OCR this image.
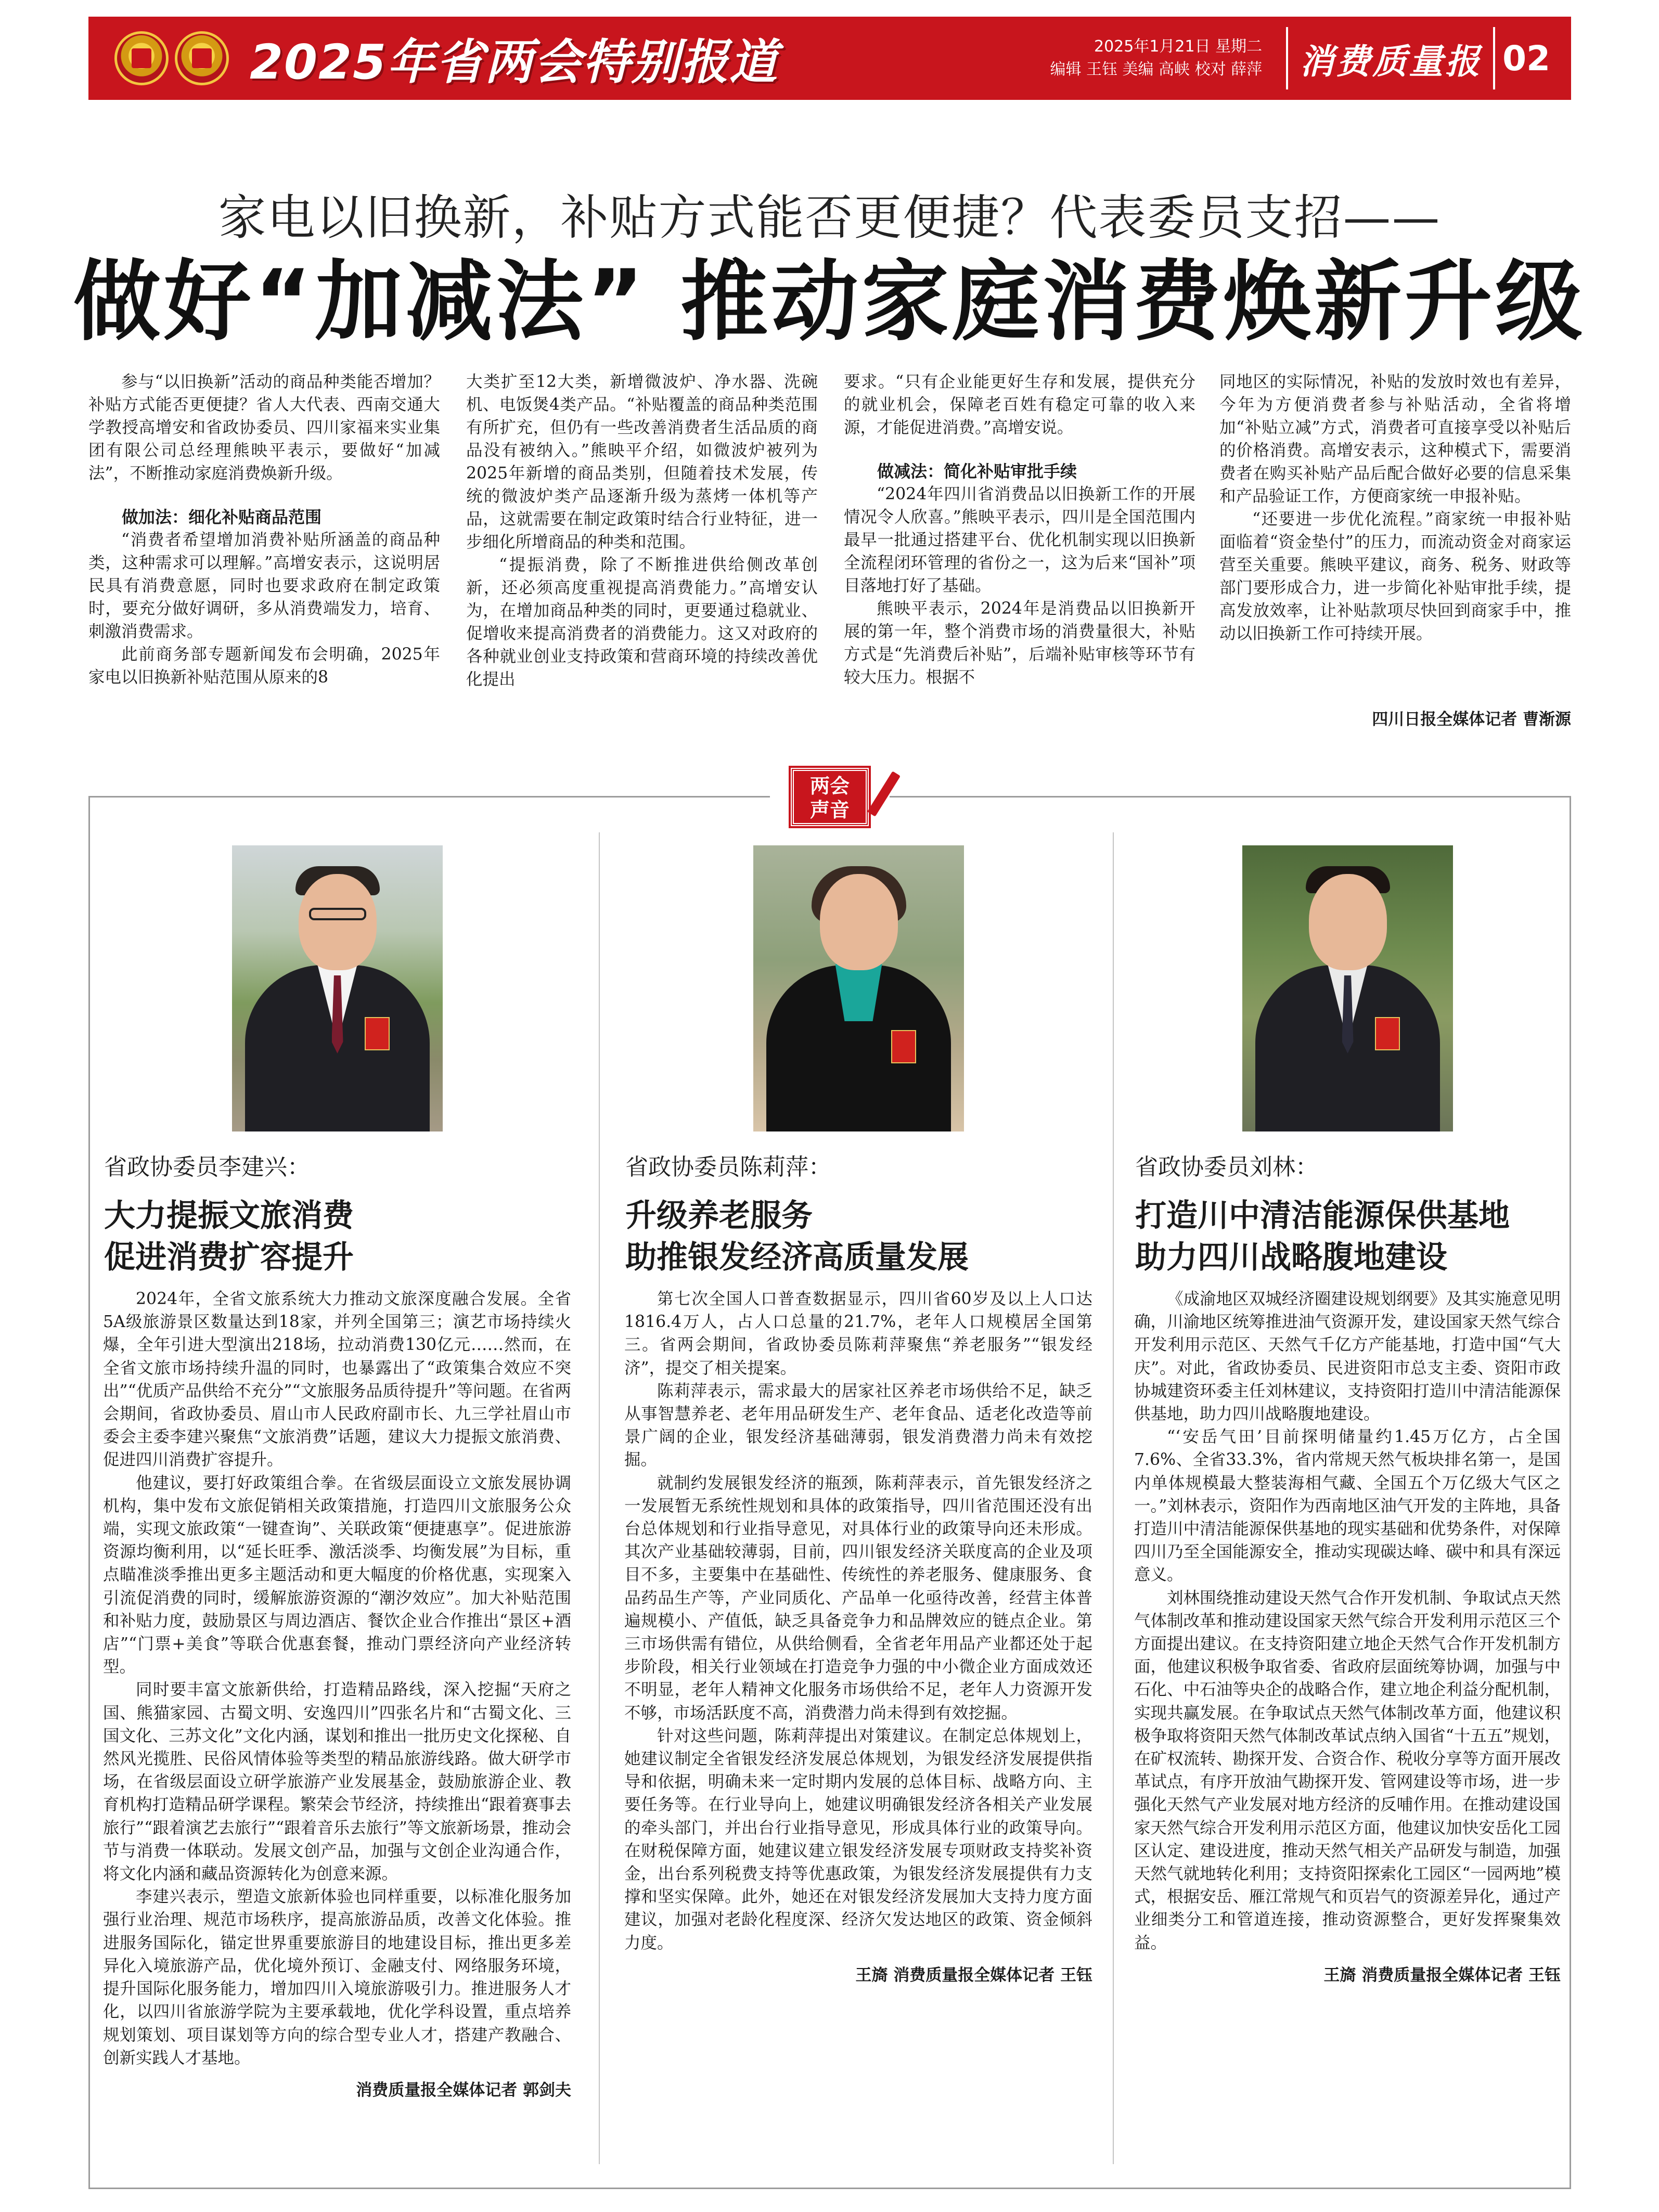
2025年省两会特别报道	2025年1月21日 星期二
编辑 王钰 美编 高峡 校对 薛萍 消费质量报 02
家电以旧换新，补贴方式能否更便捷？代表委员支招——
做好“加减法” 推动家庭消费焕新升级

参与“以旧换新”活动的商品种类能否增加？补贴方式能否更便捷？省人大代表、西南交通大学教授高增安和省政协委员、四川家福来实业集团有限公司总经理熊映平表示，要做好“加减法”，不断推动家庭消费焕新升级。

做加法：细化补贴商品范围

“消费者希望增加消费补贴所涵盖的商品种类，这种需求可以理解。”高增安表示，这说明居民具有消费意愿，同时也要求政府在制定政策时，要充分做好调研，多从消费端发力，培育、刺激消费需求。

此前商务部专题新闻发布会明确，2025年家电以旧换新补贴范围从原来的8

大类扩至12大类，新增微波炉、净水器、洗碗机、电饭煲4类产品。“补贴覆盖的商品种类范围有所扩充，但仍有一些改善消费者生活品质的商品没有被纳入。”熊映平介绍，如微波炉被列为2025年新增的商品类别，但随着技术发展，传统的微波炉类产品逐渐升级为蒸烤一体机等产品，这就需要在制定政策时结合行业特征，进一步细化所增商品的种类和范围。

“提振消费，除了不断推进供给侧改革创新，还必须高度重视提高消费能力。”高增安认为，在增加商品种类的同时，更要通过稳就业、促增收来提高消费者的消费能力。这又对政府的各种就业创业支持政策和营商环境的持续改善优化提出

要求。“只有企业能更好生存和发展，提供充分的就业机会，保障老百姓有稳定可靠的收入来源，才能促进消费。”高增安说。

做减法：简化补贴审批手续

“2024年四川省消费品以旧换新工作的开展情况令人欣喜。”熊映平表示，四川是全国范围内最早一批通过搭建平台、优化机制实现以旧换新全流程闭环管理的省份之一，这为后来“国补”项目落地打好了基础。

熊映平表示，2024年是消费品以旧换新开展的第一年，整个消费市场的消费量很大，补贴方式是“先消费后补贴”，后端补贴审核等环节有较大压力。根据不

同地区的实际情况，补贴的发放时效也有差异，今年为方便消费者参与补贴活动，全省将增加“补贴立减”方式，消费者可直接享受以补贴后的价格消费。高增安表示，这种模式下，需要消费者在购买补贴产品后配合做好必要的信息采集和产品验证工作，方便商家统一申报补贴。

“还要进一步优化流程。”商家统一申报补贴面临着“资金垫付”的压力，而流动资金对商家运营至关重要。熊映平建议，商务、税务、财政等部门要形成合力，进一步简化补贴审批手续，提高发放效率，让补贴款项尽快回到商家手中，推动以旧换新工作可持续开展。

四川日报全媒体记者 曹渐源
两会
声音
省政协委员李建兴：
大力提振文旅消费
促进消费扩容提升

2024年，全省文旅系统大力推动文旅深度融合发展。全省5A级旅游景区数量达到18家，并列全国第三；演艺市场持续火爆，全年引进大型演出218场，拉动消费130亿元……然而，在全省文旅市场持续升温的同时，也暴露出了“政策集合效应不突出”“优质产品供给不充分”“文旅服务品质待提升”等问题。在省两会期间，省政协委员、眉山市人民政府副市长、九三学社眉山市委会主委李建兴聚焦“文旅消费”话题，建议大力提振文旅消费、促进四川消费扩容提升。

他建议，要打好政策组合拳。在省级层面设立文旅发展协调机构，集中发布文旅促销相关政策措施，打造四川文旅服务公众端，实现文旅政策“一键查询”、关联政策“便捷惠享”。促进旅游资源均衡利用，以“延长旺季、激活淡季、均衡发展”为目标，重点瞄准淡季推出更多主题活动和更大幅度的价格优惠，实现案入引流促消费的同时，缓解旅游资源的“潮汐效应”。加大补贴范围和补贴力度，鼓励景区与周边酒店、餐饮企业合作推出“景区+酒店”“门票+美食”等联合优惠套餐，推动门票经济向产业经济转型。

同时要丰富文旅新供给，打造精品路线，深入挖掘“天府之国、熊猫家园、古蜀文明、安逸四川”四张名片和“古蜀文化、三国文化、三苏文化”文化内涵，谋划和推出一批历史文化探秘、自然风光揽胜、民俗风情体验等类型的精品旅游线路。做大研学市场，在省级层面设立研学旅游产业发展基金，鼓励旅游企业、教育机构打造精品研学课程。繁荣会节经济，持续推出“跟着赛事去旅行”“跟着演艺去旅行”“跟着音乐去旅行”等文旅新场景，推动会节与消费一体联动。发展文创产品，加强与文创企业沟通合作，将文化内涵和藏品资源转化为创意来源。

李建兴表示，塑造文旅新体验也同样重要，以标准化服务加强行业治理、规范市场秩序，提高旅游品质，改善文化体验。推进服务国际化，锚定世界重要旅游目的地建设目标，推出更多差异化入境旅游产品，优化境外预订、金融支付、网络服务环境，提升国际化服务能力，增加四川入境旅游吸引力。推进服务人才化，以四川省旅游学院为主要承载地，优化学科设置，重点培养规划策划、项目谋划等方向的综合型专业人才，搭建产教融合、创新实践人才基地。

消费质量报全媒体记者 郭剑夫
省政协委员陈莉萍：
升级养老服务
助推银发经济高质量发展

第七次全国人口普查数据显示，四川省60岁及以上人口达1816.4万人，占人口总量的21.7%，老年人口规模居全国第三。省两会期间，省政协委员陈莉萍聚焦“养老服务”“银发经济”，提交了相关提案。

陈莉萍表示，需求最大的居家社区养老市场供给不足，缺乏从事智慧养老、老年用品研发生产、老年食品、适老化改造等前景广阔的企业，银发经济基础薄弱，银发消费潜力尚未有效挖掘。

就制约发展银发经济的瓶颈，陈莉萍表示，首先银发经济之一发展暂无系统性规划和具体的政策指导，四川省范围还没有出台总体规划和行业指导意见，对具体行业的政策导向还未形成。其次产业基础较薄弱，目前，四川银发经济关联度高的企业及项目不多，主要集中在基础性、传统性的养老服务、健康服务、食品药品生产等，产业同质化、产品单一化亟待改善，经营主体普遍规模小、产值低，缺乏具备竞争力和品牌效应的链点企业。第三市场供需有错位，从供给侧看，全省老年用品产业都还处于起步阶段，相关行业领域在打造竞争力强的中小微企业方面成效还不明显，老年人精神文化服务市场供给不足，老年人力资源开发不够，市场活跃度不高，消费潜力尚未得到有效挖掘。

针对这些问题，陈莉萍提出对策建议。在制定总体规划上，她建议制定全省银发经济发展总体规划，为银发经济发展提供指导和依据，明确未来一定时期内发展的总体目标、战略方向、主要任务等。在行业导向上，她建议明确银发经济各相关产业发展的牵头部门，并出台行业指导意见，形成具体行业的政策导向。在财税保障方面，她建议建立银发经济发展专项财政支持奖补资金，出台系列税费支持等优惠政策，为银发经济发展提供有力支撑和坚实保障。此外，她还在对银发经济发展加大支持力度方面建议，加强对老龄化程度深、经济欠发达地区的政策、资金倾斜力度。

王旖 消费质量报全媒体记者 王钰
省政协委员刘林：
打造川中清洁能源保供基地
助力四川战略腹地建设

《成渝地区双城经济圈建设规划纲要》及其实施意见明确，川渝地区统筹推进油气资源开发，建设国家天然气综合开发利用示范区、天然气千亿方产能基地，打造中国“气大庆”。对此，省政协委员、民进资阳市总支主委、资阳市政协城建资环委主任刘林建议，支持资阳打造川中清洁能源保供基地，助力四川战略腹地建设。

“‘安岳气田’目前探明储量约1.45万亿方，占全国7.6%、全省33.3%，省内常规天然气板块排名第一，是国内单体规模最大整装海相气藏、全国五个万亿级大气区之一。”刘林表示，资阳作为西南地区油气开发的主阵地，具备打造川中清洁能源保供基地的现实基础和优势条件，对保障四川乃至全国能源安全，推动实现碳达峰、碳中和具有深远意义。

刘林围绕推动建设天然气合作开发机制、争取试点天然气体制改革和推动建设国家天然气综合开发利用示范区三个方面提出建议。在支持资阳建立地企天然气合作开发机制方面，他建议积极争取省委、省政府层面统筹协调，加强与中石化、中石油等央企的战略合作，建立地企利益分配机制，实现共赢发展。在争取试点天然气体制改革方面，他建议积极争取将资阳天然气体制改革试点纳入国省“十五五”规划，在矿权流转、勘探开发、合资合作、税收分享等方面开展改革试点，有序开放油气勘探开发、管网建设等市场，进一步强化天然气产业发展对地方经济的反哺作用。在推动建设国家天然气综合开发利用示范区方面，他建议加快安岳化工园区认定、建设进度，推动天然气相关产品研发与制造，加强天然气就地转化利用；支持资阳探索化工园区“一园两地”模式，根据安岳、雁江常规气和页岩气的资源差异化，通过产业细类分工和管道连接，推动资源整合，更好发挥聚集效益。

王旖 消费质量报全媒体记者 王钰
